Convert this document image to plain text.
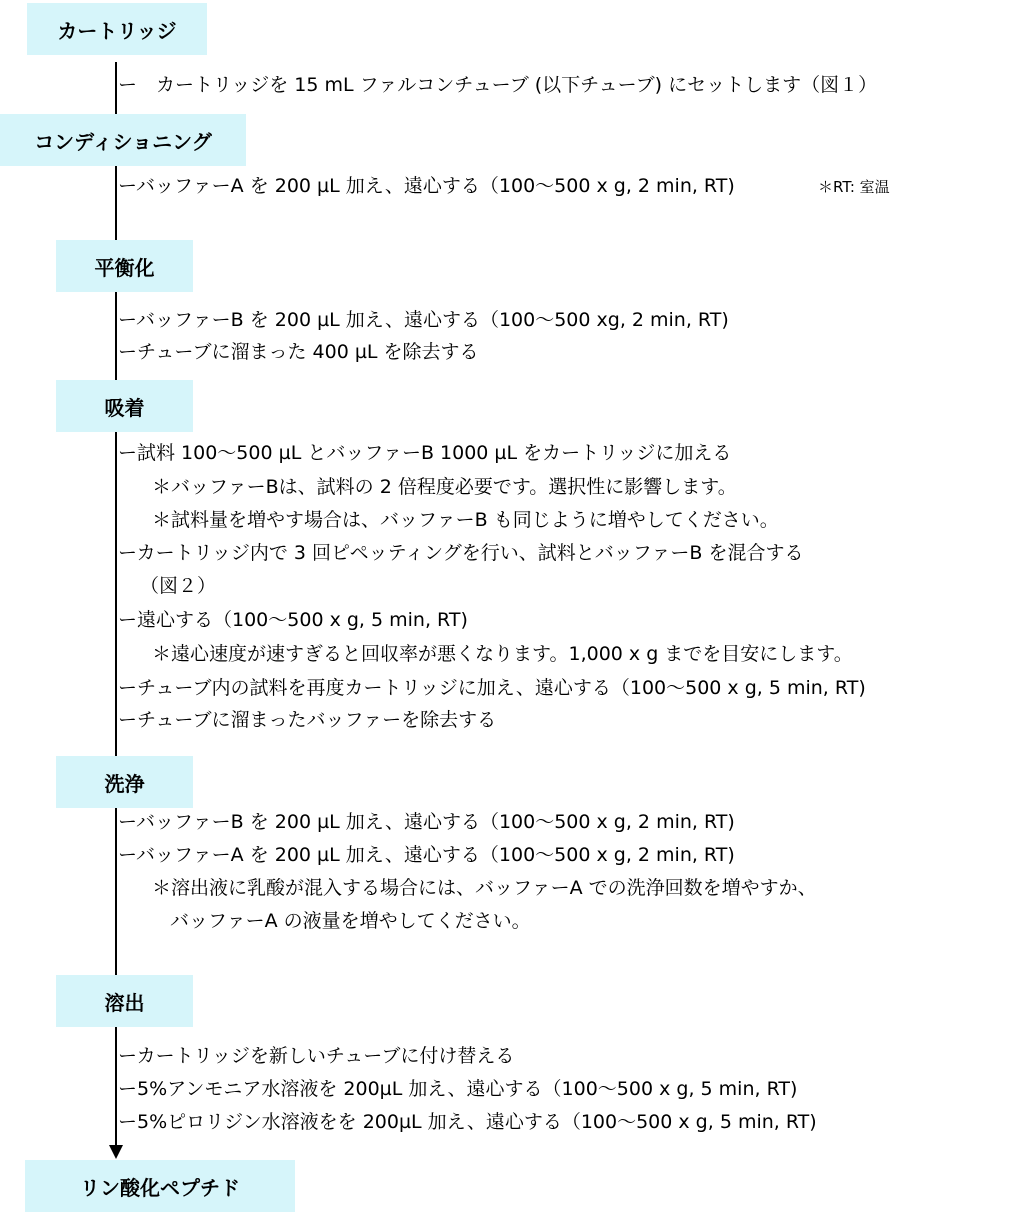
カートリッジ
コンディショニング
平衡化
吸着
洗浄
溶出
リン酸化ペプチド
ー　カートリッジを 15 mL ファルコンチューブ (以下チューブ) にセットします（図１）
ーバッファーA を 200 µL 加え、遠心する（100〜500 x g, 2 min, RT)	＊RT: 室温
ーバッファーB を 200 µL 加え、遠心する（100〜500 xg, 2 min, RT)
ーチューブに溜まった 400 µL を除去する
ー試料 100〜500 µL とバッファーB 1000 µL をカートリッジに加える
＊バッファーBは、試料の 2 倍程度必要です。選択性に影響します。
＊試料量を増やす場合は、バッファーB も同じように増やしてください。
ーカートリッジ内で 3 回ピペッティングを行い、試料とバッファーB を混合する
（図２）
ー遠心する（100〜500 x g, 5 min, RT)
＊遠心速度が速すぎると回収率が悪くなります。1,000 x g までを目安にします。
ーチューブ内の試料を再度カートリッジに加え、遠心する（100〜500 x g, 5 min, RT)
ーチューブに溜まったバッファーを除去する
ーバッファーB を 200 µL 加え、遠心する（100〜500 x g, 2 min, RT)
ーバッファーA を 200 µL 加え、遠心する（100〜500 x g, 2 min, RT)
＊溶出液に乳酸が混入する場合には、バッファーA での洗浄回数を増やすか、
バッファーA の液量を増やしてください。
ーカートリッジを新しいチューブに付け替える
ー5%アンモニア水溶液を 200µL 加え、遠心する（100〜500 x g, 5 min, RT)
ー5%ピロリジン水溶液をを 200µL 加え、遠心する（100〜500 x g, 5 min, RT)
